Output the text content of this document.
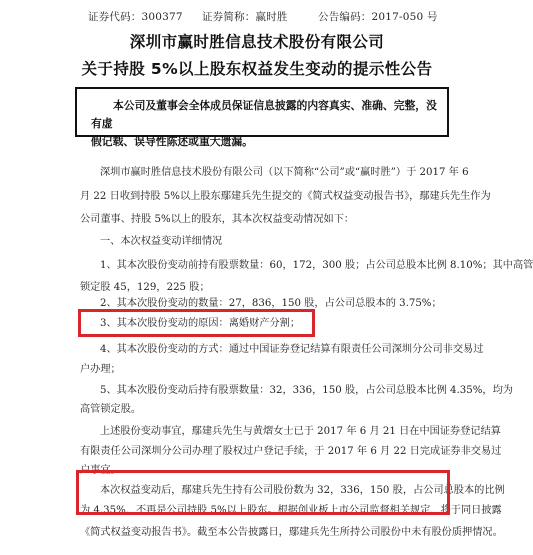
证券代码：300377 证券简称：赢时胜	公告编码：2017-050 号
深圳市赢时胜信息技术股份有限公司
关于持股 5%以上股东权益发生变动的提示性公告
本公司及董事会全体成员保证信息披露的内容真实、准确、完整，没有虚
假记载、误导性陈述或重大遗漏。
深圳市赢时胜信息技术股份有限公司（以下简称“公司”或“赢时胜”）于 2017 年 6
月 22 日收到持股 5%以上股东鄢建兵先生提交的《简式权益变动报告书》，鄢建兵先生作为
公司董事、持股 5%以上的股东，其本次权益变动情况如下：
一、本次权益变动详细情况
1、其本次股份变动前持有股票数量：60，172，300 股；占公司总股本比例 8.10%；其中高管
锁定股 45，129，225 股；
2、其本次股份变动的数量：27，836，150 股，占公司总股本的 3.75%；
3、其本次股份变动的原因：离婚财产分割；
4、其本次股份变动的方式：通过中国证券登记结算有限责任公司深圳分公司非交易过
户办理；
5、其本次股份变动后持有股票数量：32，336，150 股，占公司总股本比例 4.35%，均为
高管锁定股。
上述股份变动事宜，鄢建兵先生与黄熠女士已于 2017 年 6 月 21 日在中国证券登记结算
有限责任公司深圳分公司办理了股权过户登记手续，于 2017 年 6 月 22 日完成证券非交易过
户事宜。
本次权益变动后，鄢建兵先生持有公司股份数为 32，336，150 股，占公司总股本的比例
为 4.35%，不再是公司持股 5%以上股东。根据创业板上市公司监督相关规定，将于同日披露
《简式权益变动报告书》。截至本公告披露日，鄢建兵先生所持公司股份中未有股份质押情况。
